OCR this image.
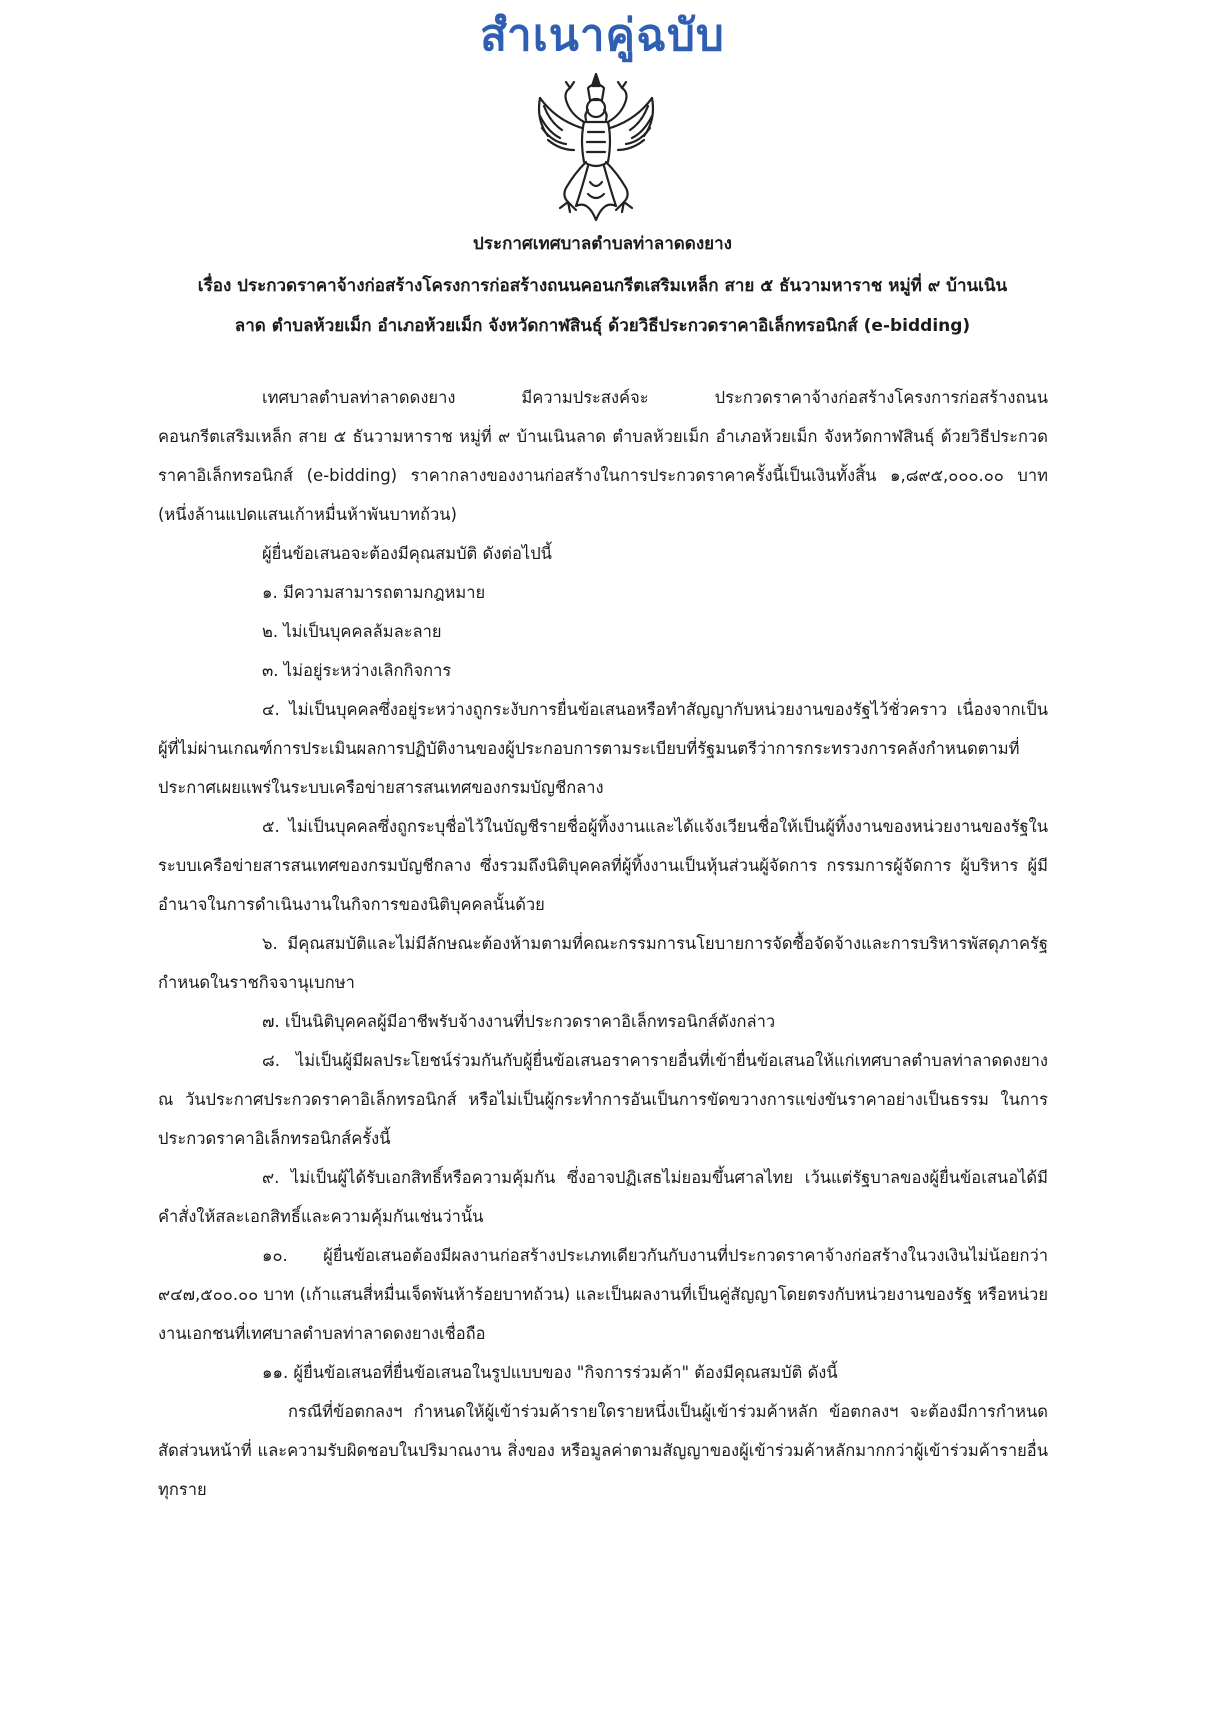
สำเนาคู่ฉบับ
ประกาศเทศบาลตำบลท่าลาดดงยาง
เรื่อง ประกวดราคาจ้างก่อสร้างโครงการก่อสร้างถนนคอนกรีตเสริมเหล็ก สาย ๕ ธันวามหาราช หมู่ที่ ๙ บ้านเนิน
ลาด ตำบลห้วยเม็ก อำเภอห้วยเม็ก จังหวัดกาฬสินธุ์ ด้วยวิธีประกวดราคาอิเล็กทรอนิกส์ (e-bidding)

เทศบาลตำบลท่าลาดดงยาง มีความประสงค์จะ ประกวดราคาจ้างก่อสร้างโครงการก่อสร้างถนนคอนกรีตเสริมเหล็ก สาย ๕ ธันวามหาราช หมู่ที่ ๙ บ้านเนินลาด ตำบลห้วยเม็ก อำเภอห้วยเม็ก จังหวัดกาฬสินธุ์ ด้วยวิธีประกวดราคาอิเล็กทรอนิกส์ (e-bidding) ราคากลางของงานก่อสร้างในการประกวดราคาครั้งนี้เป็นเงินทั้งสิ้น ๑,๘๙๕,๐๐๐.๐๐ บาท (หนึ่งล้านแปดแสนเก้าหมื่นห้าพันบาทถ้วน)

ผู้ยื่นข้อเสนอจะต้องมีคุณสมบัติ ดังต่อไปนี้

๑. มีความสามารถตามกฎหมาย

๒. ไม่เป็นบุคคลล้มละลาย

๓. ไม่อยู่ระหว่างเลิกกิจการ

๔. ไม่เป็นบุคคลซึ่งอยู่ระหว่างถูกระงับการยื่นข้อเสนอหรือทำสัญญากับหน่วยงานของรัฐไว้ชั่วคราว เนื่องจากเป็นผู้ที่ไม่ผ่านเกณฑ์การประเมินผลการปฏิบัติงานของผู้ประกอบการตามระเบียบที่รัฐมนตรีว่าการกระทรวงการคลังกำหนดตามที่ประกาศเผยแพร่ในระบบเครือข่ายสารสนเทศของกรมบัญชีกลาง

๕. ไม่เป็นบุคคลซึ่งถูกระบุชื่อไว้ในบัญชีรายชื่อผู้ทิ้งงานและได้แจ้งเวียนชื่อให้เป็นผู้ทิ้งงานของหน่วยงานของรัฐในระบบเครือข่ายสารสนเทศของกรมบัญชีกลาง ซึ่งรวมถึงนิติบุคคลที่ผู้ทิ้งงานเป็นหุ้นส่วนผู้จัดการ กรรมการผู้จัดการ ผู้บริหาร ผู้มีอำนาจในการดำเนินงานในกิจการของนิติบุคคลนั้นด้วย

๖. มีคุณสมบัติและไม่มีลักษณะต้องห้ามตามที่คณะกรรมการนโยบายการจัดซื้อจัดจ้างและการบริหารพัสดุภาครัฐกำหนดในราชกิจจานุเบกษา

๗. เป็นนิติบุคคลผู้มีอาชีพรับจ้างงานที่ประกวดราคาอิเล็กทรอนิกส์ดังกล่าว

๘. ไม่เป็นผู้มีผลประโยชน์ร่วมกันกับผู้ยื่นข้อเสนอราคารายอื่นที่เข้ายื่นข้อเสนอให้แก่เทศบาลตำบลท่าลาดดงยาง ณ วันประกาศประกวดราคาอิเล็กทรอนิกส์ หรือไม่เป็นผู้กระทำการอันเป็นการขัดขวางการแข่งขันราคาอย่างเป็นธรรม ในการประกวดราคาอิเล็กทรอนิกส์ครั้งนี้

๙. ไม่เป็นผู้ได้รับเอกสิทธิ์หรือความคุ้มกัน ซึ่งอาจปฏิเสธไม่ยอมขึ้นศาลไทย เว้นแต่รัฐบาลของผู้ยื่นข้อเสนอได้มีคำสั่งให้สละเอกสิทธิ์และความคุ้มกันเช่นว่านั้น

๑๐. ผู้ยื่นข้อเสนอต้องมีผลงานก่อสร้างประเภทเดียวกันกับงานที่ประกวดราคาจ้างก่อสร้างในวงเงินไม่น้อยกว่า ๙๔๗,๕๐๐.๐๐ บาท (เก้าแสนสี่หมื่นเจ็ดพันห้าร้อยบาทถ้วน) และเป็นผลงานที่เป็นคู่สัญญาโดยตรงกับหน่วยงานของรัฐ หรือหน่วยงานเอกชนที่เทศบาลตำบลท่าลาดดงยางเชื่อถือ

๑๑. ผู้ยื่นข้อเสนอที่ยื่นข้อเสนอในรูปแบบของ "กิจการร่วมค้า" ต้องมีคุณสมบัติ ดังนี้

กรณีที่ข้อตกลงฯ กำหนดให้ผู้เข้าร่วมค้ารายใดรายหนึ่งเป็นผู้เข้าร่วมค้าหลัก ข้อตกลงฯ จะต้องมีการกำหนดสัดส่วนหน้าที่ และความรับผิดชอบในปริมาณงาน สิ่งของ หรือมูลค่าตามสัญญาของผู้เข้าร่วมค้าหลักมากกว่าผู้เข้าร่วมค้ารายอื่นทุกราย
